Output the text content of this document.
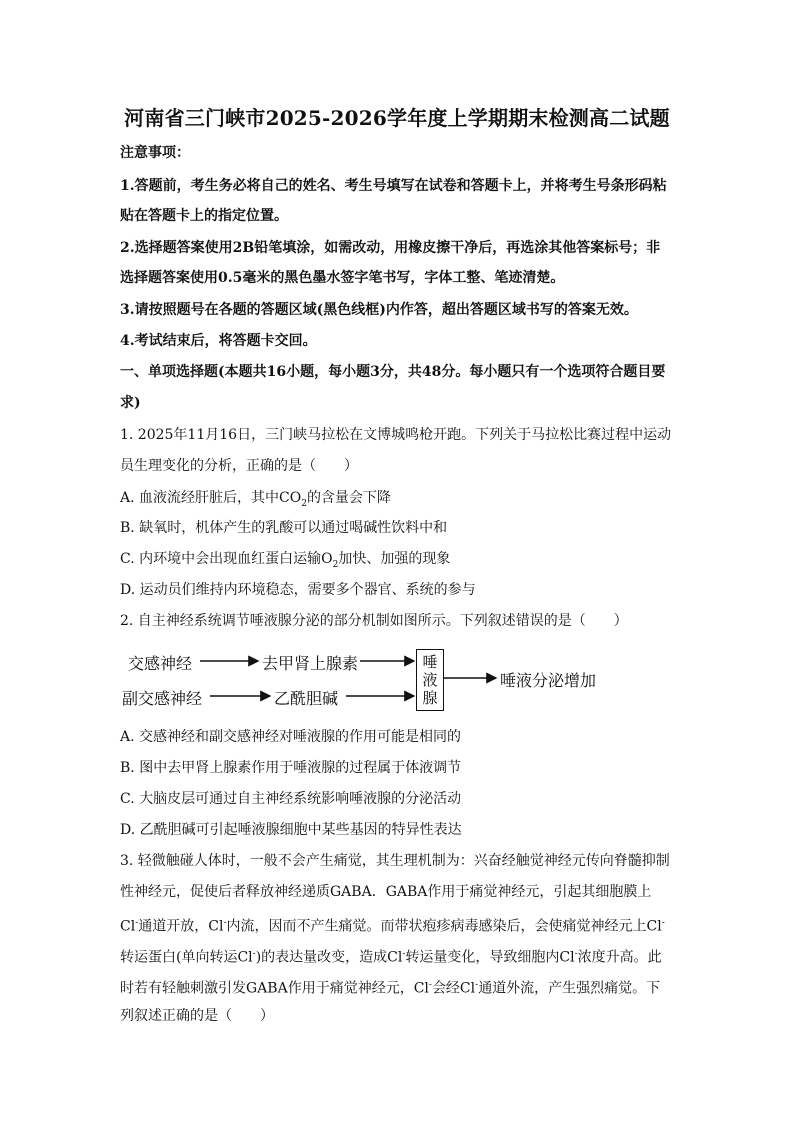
河南省三门峡市2025-2026学年度上学期期末检测高二试题
注意事项：
1.答题前，考生务必将自己的姓名、考生号填写在试卷和答题卡上，并将考生号条形码粘
贴在答题卡上的指定位置。
2.选择题答案使用2B铅笔填涂，如需改动，用橡皮擦干净后，再选涂其他答案标号；非
选择题答案使用0.5毫米的黑色墨水签字笔书写，字体工整、笔迹清楚。
3.请按照题号在各题的答题区域(黑色线框)内作答，超出答题区域书写的答案无效。
4.考试结束后，将答题卡交回。
一、单项选择题(本题共16小题，每小题3分，共48分。每小题只有一个选项符合题目要
求)
1. 2025年11月16日，三门峡马拉松在文博城鸣枪开跑。下列关于马拉松比赛过程中运动
员生理变化的分析，正确的是（　　）
A. 血液流经肝脏后，其中$CO_2$的含量会下降
B. 缺氧时，机体产生的乳酸可以通过喝碱性饮料中和
C. 内环境中会出现血红蛋白运输$O_2$加快、加强的现象
D. 运动员们维持内环境稳态，需要多个器官、系统的参与
2. 自主神经系统调节唾液腺分泌的部分机制如图所示。下列叙述错误的是（　　）
交感神经	去甲肾上腺素
副交感神经	乙酰胆碱
唾
液
腺
唾液分泌增加
A. 交感神经和副交感神经对唾液腺的作用可能是相同的
B. 图中去甲肾上腺素作用于唾液腺的过程属于体液调节
C. 大脑皮层可通过自主神经系统影响唾液腺的分泌活动
D. 乙酰胆碱可引起唾液腺细胞中某些基因的特异性表达
3. 轻微触碰人体时，一般不会产生痛觉，其生理机制为：兴奋经触觉神经元传向脊髓抑制
性神经元，促使后者释放神经递质GABA．GABA作用于痛觉神经元，引起其细胞膜上
Cl-通道开放，Cl-内流，因而不产生痛觉。而带状疱疹病毒感染后，会使痛觉神经元上Cl-
转运蛋白(单向转运Cl-)的表达量改变，造成Cl-转运量变化，导致细胞内Cl-浓度升高。此
时若有轻触刺激引发GABA作用于痛觉神经元，Cl-会经Cl-通道外流，产生强烈痛觉。下
列叙述正确的是（　　）
